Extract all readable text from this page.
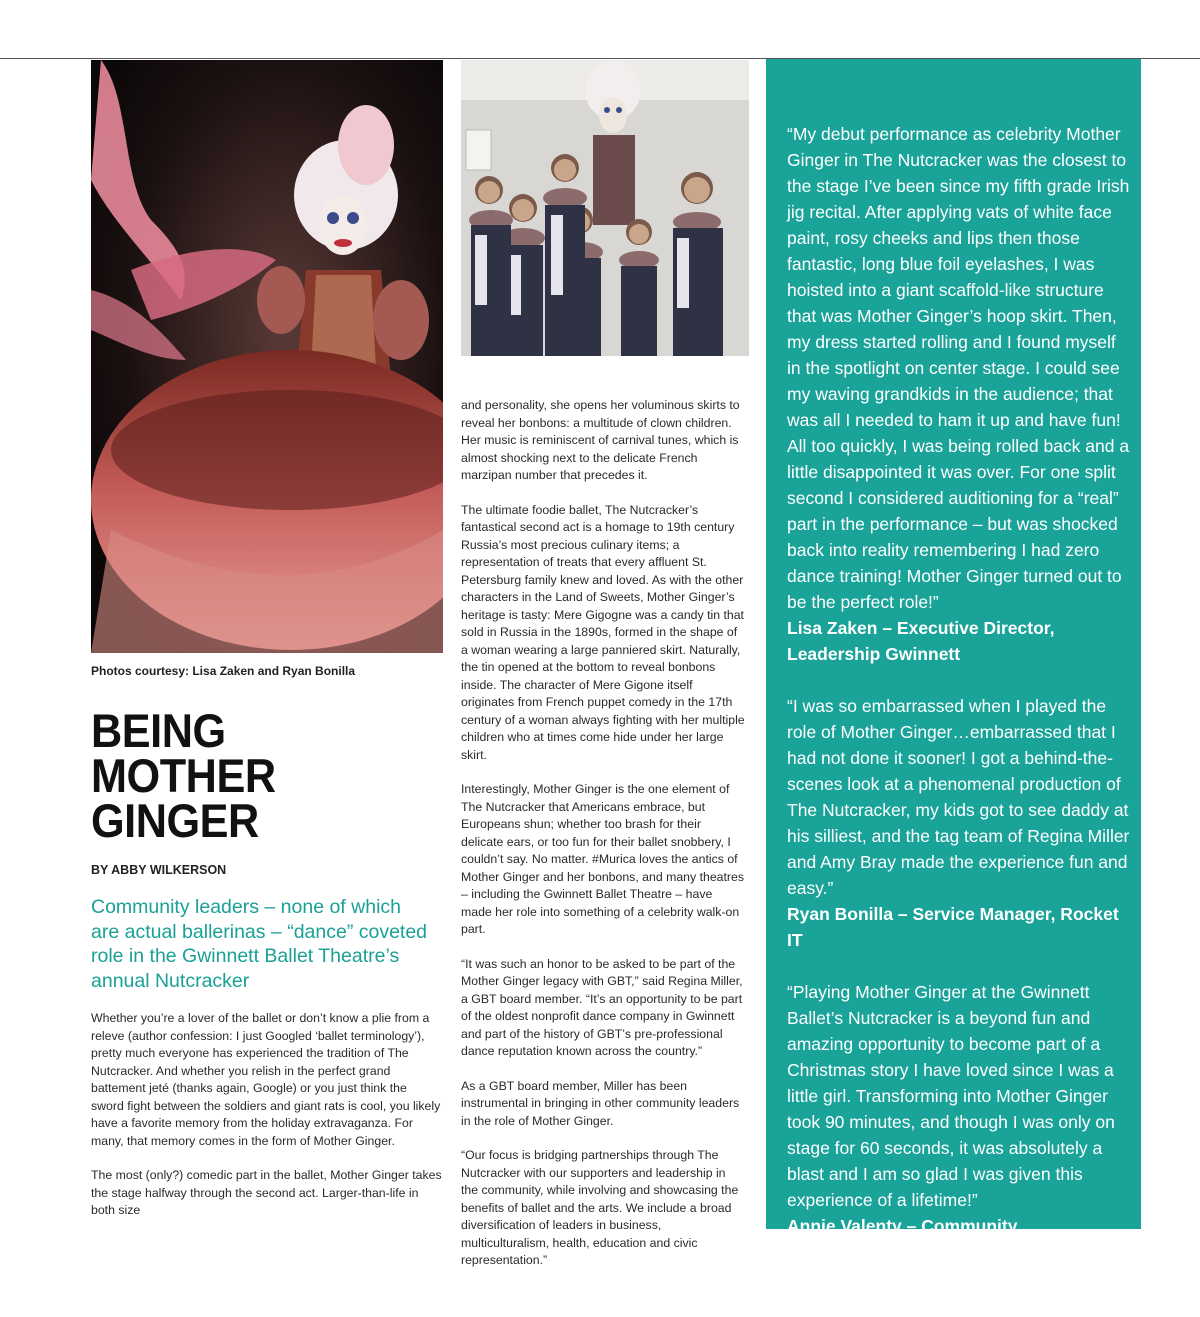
Photos courtesy: Lisa Zaken and Ryan Bonilla
BEING
MOTHER
GINGER
BY ABBY WILKERSON
Community leaders – none of which are actual ballerinas – “dance” coveted role in the Gwinnett Ballet Theatre’s annual Nutcracker

Whether you’re a lover of the ballet or don’t know a plie from a releve (author confession: I just Googled ‘ballet terminology’), pretty much everyone has experienced the tradition of The Nutcracker. And whether you relish in the perfect grand battement jeté (thanks again, Google) or you just think the sword fight between the soldiers and giant rats is cool, you likely have a favorite memory from the holiday extravaganza. For many, that memory comes in the form of Mother Ginger.

The most (only?) comedic part in the ballet, Mother Ginger takes the stage halfway through the second act. Larger-than-life in both size

and personality, she opens her voluminous skirts to reveal her bonbons: a multitude of clown children. Her music is reminiscent of carnival tunes, which is almost shocking next to the delicate French marzipan number that precedes it.

The ultimate foodie ballet, The Nutcracker’s fantastical second act is a homage to 19th century Russia’s most precious culinary items; a representation of treats that every affluent St. Petersburg family knew and loved. As with the other characters in the Land of Sweets, Mother Ginger’s heritage is tasty: Mere Gigogne was a candy tin that sold in Russia in the 1890s, formed in the shape of a woman wearing a large panniered skirt. Naturally, the tin opened at the bottom to reveal bonbons inside. The character of Mere Gigone itself originates from French puppet comedy in the 17th century of a woman always fighting with her multiple children who at times come hide under her large skirt.

Interestingly, Mother Ginger is the one element of The Nutcracker that Americans embrace, but Europeans shun; whether too brash for their delicate ears, or too fun for their ballet snobbery, I couldn’t say. No matter. #Murica loves the antics of Mother Ginger and her bonbons, and many theatres – including the Gwinnett Ballet Theatre – have made her role into something of a celebrity walk-on part.

“It was such an honor to be asked to be part of the Mother Ginger legacy with GBT,” said Regina Miller, a GBT board member. “It’s an opportunity to be part of the oldest nonprofit dance company in Gwinnett and part of the history of GBT’s pre-professional dance reputation known across the country.”

As a GBT board member, Miller has been instrumental in bringing in other community leaders in the role of Mother Ginger.

“Our focus is bridging partnerships through The Nutcracker with our supporters and leadership in the community, while involving and showcasing the benefits of ballet and the arts. We include a broad diversification of leaders in business, multiculturalism, health, education and civic representation.”

“My debut performance as celebrity Mother Ginger in The Nutcracker was the closest to the stage I’ve been since my fifth grade Irish jig recital. After applying vats of white face paint, rosy cheeks and lips then those fantastic, long blue foil eyelashes, I was hoisted into a giant scaffold-like structure that was Mother Ginger’s hoop skirt. Then, my dress started rolling and I found myself in the spotlight on center stage. I could see my waving grandkids in the audience; that was all I needed to ham it up and have fun! All too quickly, I was being rolled back and a little disappointed it was over. For one split second I considered auditioning for a “real” part in the performance – but was shocked back into reality remembering I had zero dance training! Mother Ginger turned out to be the perfect role!”
Lisa Zaken – Executive Director, Leadership Gwinnett

“I was so embarrassed when I played the role of Mother Ginger…embarrassed that I had not done it sooner! I got a behind-the-scenes look at a phenomenal production of The Nutcracker, my kids got to see daddy at his silliest, and the tag team of Regina Miller and Amy Bray made the experience fun and easy.”
Ryan Bonilla – Service Manager, Rocket IT

“Playing Mother Ginger at the Gwinnett Ballet’s Nutcracker is a beyond fun and amazing opportunity to become part of a Christmas story I have loved since I was a little girl. Transforming into Mother Ginger took 90 minutes, and though I was only on stage for 60 seconds, it was absolutely a blast and I am so glad I was given this experience of a lifetime!”
Annie Valenty – Community Development Officer, Children’s Healthcare of Atlanta
